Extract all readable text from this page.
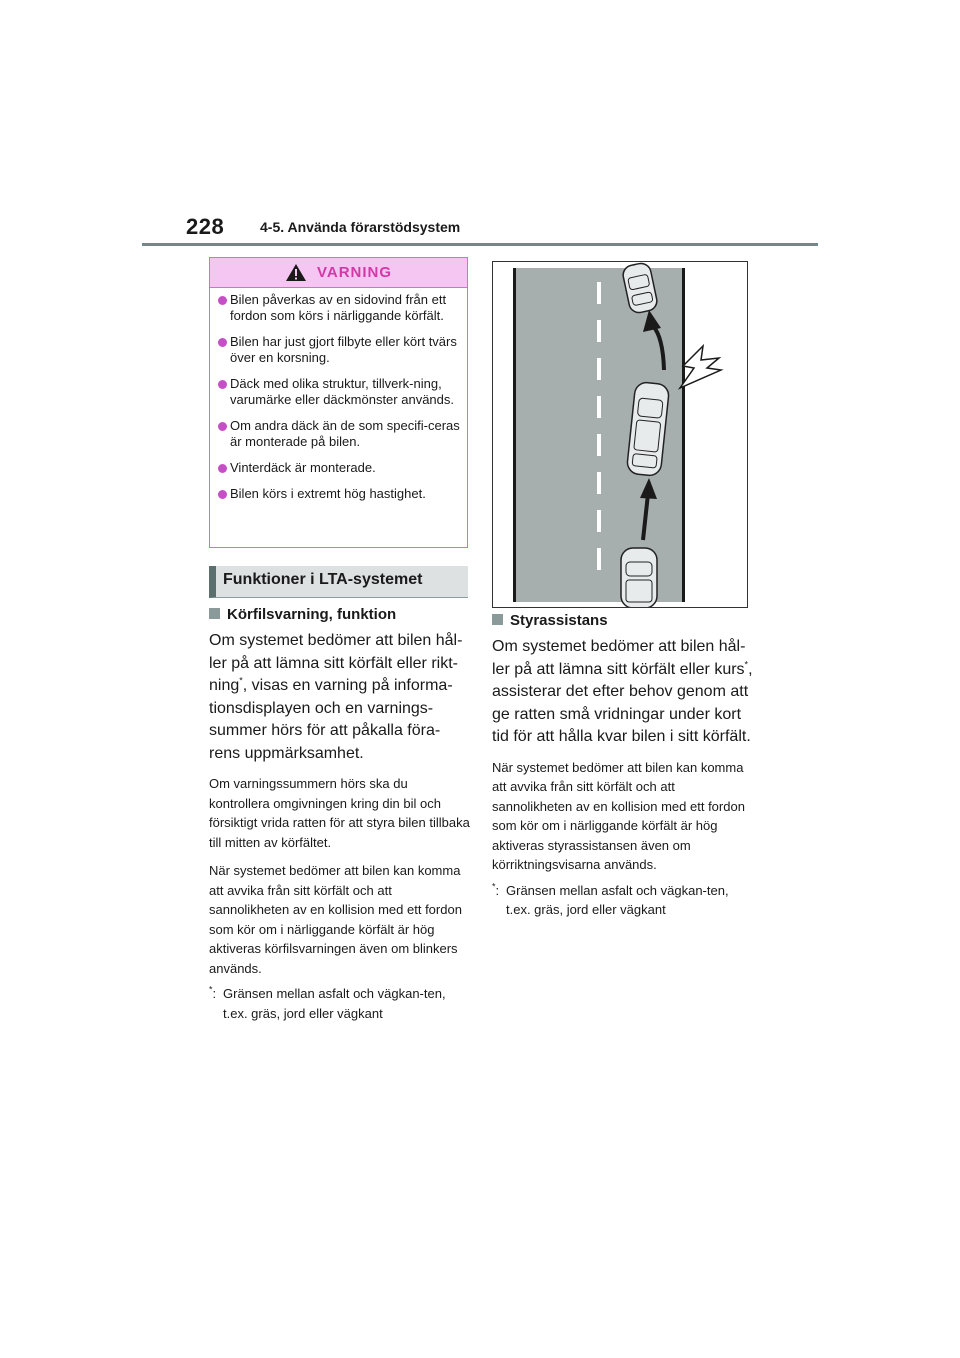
228	4-5. Använda förarstödsystem
VARNING
Bilen påverkas av en sidovind från ett fordon som körs i närliggande körfält.
Bilen har just gjort filbyte eller kört tvärs över en korsning.
Däck med olika struktur, tillverk-ning, varumärke eller däckmönster används.
Om andra däck än de som specifi-ceras är monterade på bilen.
Vinterdäck är monterade.
Bilen körs i extremt hög hastighet.
Funktioner i LTA-systemet
Körfilsvarning, funktion

Om systemet bedömer att bilen hål-ler på att lämna sitt körfält eller rikt-ning*, visas en varning på informa-tionsdisplayen och en varnings-summer hörs för att påkalla föra-rens uppmärksamhet.

Om varningssummern hörs ska du kontrollera omgivningen kring din bil och försiktigt vrida ratten för att styra bilen tillbaka till mitten av körfältet.

När systemet bedömer att bilen kan komma att avvika från sitt körfält och att sannolikheten av en kollision med ett fordon som kör om i närliggande körfält är hög aktiveras körfilsvarningen även om blinkers används.

*: Gränsen mellan asfalt och vägkan-ten, t.ex. gräs, jord eller vägkant
Styrassistans

Om systemet bedömer att bilen hål-ler på att lämna sitt körfält eller kurs*, assisterar det efter behov genom att ge ratten små vridningar under kort tid för att hålla kvar bilen i sitt körfält.

När systemet bedömer att bilen kan komma att avvika från sitt körfält och att sannolikheten av en kollision med ett fordon som kör om i närliggande körfält är hög aktiveras styrassistansen även om körriktningsvisarna används.

*: Gränsen mellan asfalt och vägkan-ten, t.ex. gräs, jord eller vägkant
